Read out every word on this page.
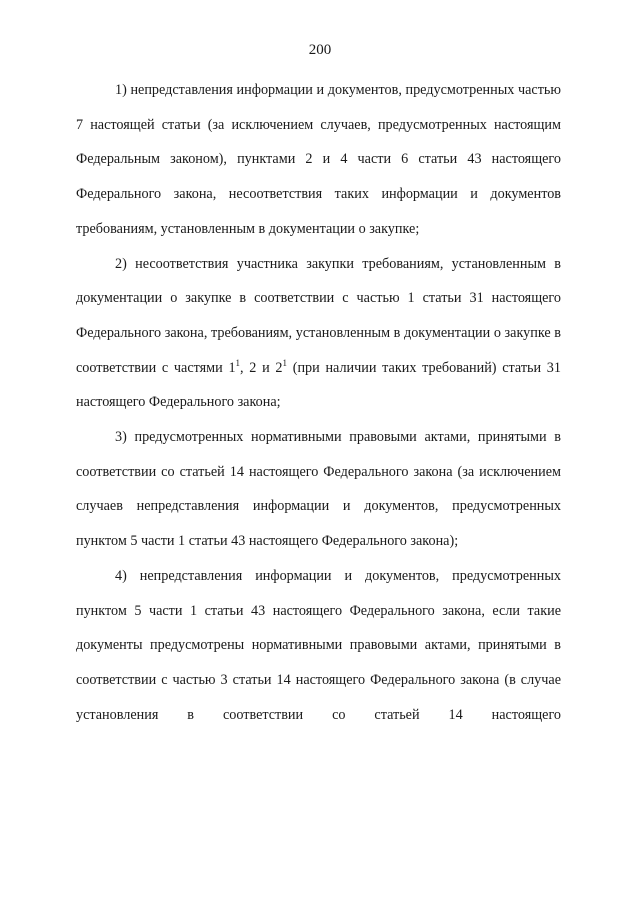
200

1) непредставления информации и документов, предусмотренных частью 7 настоящей статьи (за исключением случаев, предусмотренных настоящим Федеральным законом), пунктами 2 и 4 части 6 статьи 43 настоящего Федерального закона, несоответствия таких информации и документов требованиям, установленным в документации о закупке;

2) несоответствия участника закупки требованиям, установленным в документации о закупке в соответствии с частью 1 статьи 31 настоящего Федерального закона, требованиям, установленным в документации о закупке в соответствии с частями $1^1$, 2 и $2^1$ (при наличии таких требований) статьи 31 настоящего Федерального закона;

3) предусмотренных нормативными правовыми актами, принятыми в соответствии со статьей 14 настоящего Федерального закона (за исключением случаев непредставления информации и документов, предусмотренных пунктом 5 части 1 статьи 43 настоящего Федерального закона);

4) непредставления информации и документов, предусмотренных пунктом 5 части 1 статьи 43 настоящего Федерального закона, если такие документы предусмотрены нормативными правовыми актами, принятыми в соответствии с частью 3 статьи 14 настоящего Федерального закона (в случае установления в соответствии со статьей 14 настоящего
